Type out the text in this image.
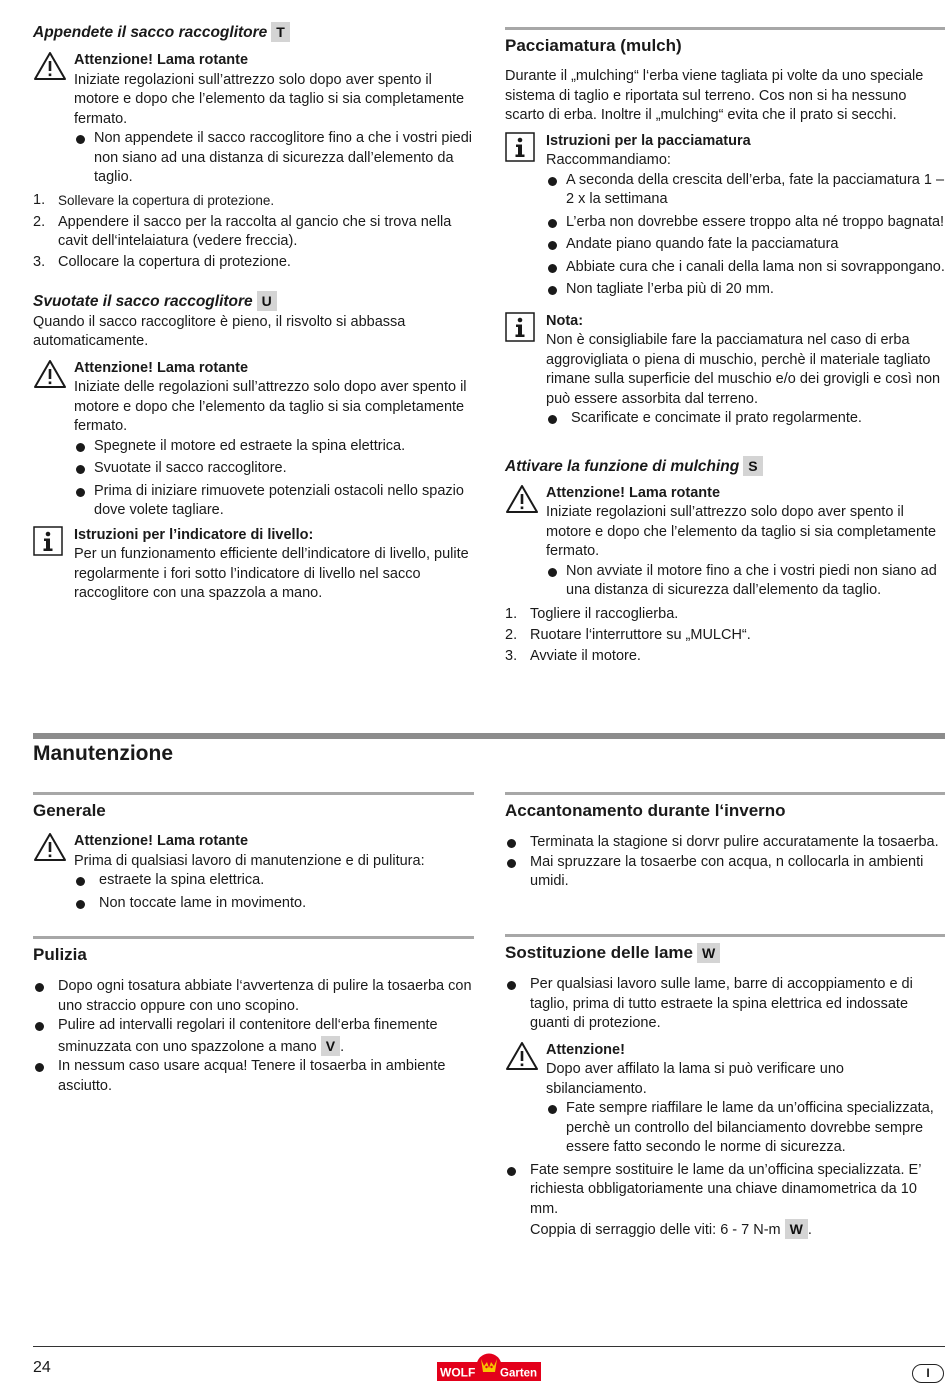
Appendete il sacco raccoglitore T

Attenzione! Lama rotante

Iniziate regolazioni sull’attrezzo solo dopo aver spento il motore e dopo che l’elemento da taglio si sia completamente fermato.

Non appendete il sacco raccoglitore fino a che i vostri piedi non siano ad una distanza di sicurezza dall’elemento da taglio.
1. Sollevare la copertura di protezione.
2. Appendere il sacco per la raccolta al gancio che si trova nella cavit dell‘intelaiatura (vedere freccia).
3. Collocare la copertura di protezione.
Svuotate il sacco raccoglitore U

Quando il sacco raccoglitore è pieno, il risvolto si abbassa automaticamente.

Attenzione! Lama rotante

Iniziate delle regolazioni sull’attrezzo solo dopo aver spento il motore e dopo che l’elemento da taglio si sia completamente fermato.

Spegnete il motore ed estraete la spina elettrica.
Svuotate il sacco raccoglitore.
Prima di iniziare rimuovete potenziali ostacoli nello spazio dove volete tagliare.

Istruzioni per l’indicatore di livello:

Per un funzionamento efficiente dell’indicatore di livello, pulite regolarmente i fori sotto l’indicatore di livello nel sacco raccoglitore con una spazzola a mano.

Pacciamatura (mulch)

Durante il „mulching“ l‘erba viene tagliata pi volte da uno speciale sistema di taglio e riportata sul terreno. Cos non si ha nessuno scarto di erba. Inoltre il „mulching“ evita che il prato si secchi.

Istruzioni per la pacciamatura

Raccommandiamo:

A seconda della crescita dell’erba, fate la pacciamatura 1 – 2 x la settimana
L’erba non dovrebbe essere troppo alta né troppo bagnata!
Andate piano quando fate la pacciamatura
Abbiate cura che i canali della lama non si sovrappongano.
Non tagliate l’erba più di 20 mm.

Nota:

Non è consigliabile fare la pacciamatura nel caso di erba aggrovigliata o piena di muschio, perchè il materiale tagliato rimane sulla superficie del muschio e/o dei grovigli e così non può essere assorbita dal terreno.

Scarificate e concimate il prato regolarmente.
Attivare la funzione di mulching S

Attenzione! Lama rotante

Iniziate regolazioni sull’attrezzo solo dopo aver spento il motore e dopo che l’elemento da taglio si sia completamente fermato.

Non avviate il motore fino a che i vostri piedi non siano ad una distanza di sicurezza dall’elemento da taglio.
1. Togliere il raccoglierba.
2. Ruotare l‘interruttore su „MULCH“.
3. Avviate il motore.

Manutenzione

Generale

Attenzione! Lama rotante

Prima di qualsiasi lavoro di manutenzione e di pulitura:

estraete la spina elettrica.
Non toccate lame in movimento.

Pulizia

Dopo ogni tosatura abbiate l‘avvertenza di pulire la tosaerba con uno straccio oppure con uno scopino.
Pulire ad intervalli regolari il contenitore dell‘erba finemente sminuzzata con uno spazzolone a mano V .
In nessum caso usare acqua! Tenere il tosaerba in ambiente asciutto.

Accantonamento durante l‘inverno

Terminata la stagione si dorvr pulire accuratamente la tosaerba.
Mai spruzzare la tosaerbe con acqua, n collocarla in ambienti umidi.

Sostituzione delle lame W

Per qualsiasi lavoro sulle lame, barre di accoppiamento e di taglio, prima di tutto estraete la spina elettrica ed indossate guanti di protezione.

Attenzione!

Dopo aver affilato la lama si può verificare uno sbilanciamento.

Fate sempre riaffilare le lame da un’officina specializzata, perchè un controllo del bilanciamento dovrebbe sempre essere fatto secondo le norme di sicurezza.
Fate sempre sostituire le lame da un’officina specializzata. E’ richiesta obbligatoriamente una chiave dinamometrica da 10 mm.
Coppia di serraggio delle viti: 6 - 7 N-m W .
24	WOLF Garten	I
